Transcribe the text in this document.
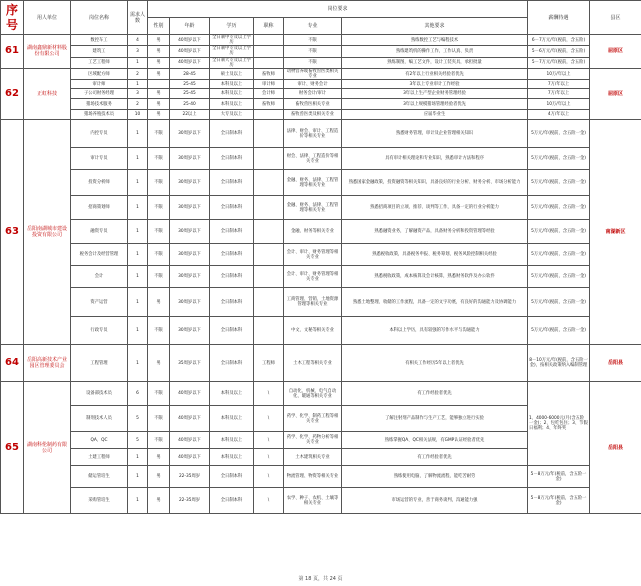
序号	用人单位	岗位名称	需求人数	岗位要求						薪酬待遇	县区
				性别	年龄	学历	职称	专业	其他要求		
61	湖南鑫鼎新材料股份有限公司	数控车工	4	男	40周岁以下	全日制中专及以上学历		不限	熟练数控工艺与编程技术	6－7万元/年(税前，含五险)	屈原区
		建筑工	3	男	40周岁以下	全日制中专及以上学历		不限	熟练建筑机的操作工作，工作认真、负责	5－6万元/年(税前，含五险)	
		工艺工程师	1	男	40周岁以下	全日制大专及以上学历		不限	熟练制图，编工艺文件，设计工装夹具，承担批量	5－7万元/年(税前，含五险)	
62	正虹科技	区域配方师	2	男	28-45	硕士及以上	畜牧师	动物营养或畜牧兽医类相关专业	有2年以上行业相关经验者优先	10万/年以上	屈原区
		审计师	1		25-45	本科及以上	审计师	审计、财务会计	3年以上专业审计工作经验	7万/年以上	
		子公司财务经理	3	男	25-45	本科及以上	会计师	财务会计/审计	3年以上生产型企业财务管理经验	7万/年以上	
		猪场技术服务	2	男	25-40	本科及以上	畜牧师	畜牧兽医相关专业	3年以上规模猪场管理经验者优先	10万/年以上	
		猪场养殖技术员	10	男	22以上	大专及以上		畜牧兽医类及相关专业	应届毕业生	4万/年以上	
63	岳阳南湖城市建设投资有限公司	内控专员	1	不限	30周岁以下	全日制本科		法律、财会、审计、工程造价等相关专业	熟悉财务管理，审计及企业管理相关知识	5万元/年(税前，含五险一金)	南湖新区
		审计专员	1	不限	30周岁以下	全日制本科		财会、法律、工程造价等相关专业	具有审计相关理论和专业知识，熟悉审计方法和程序	5万元/年(税前，含五险一金)	
		投资分析师	1	不限	30周岁以下	全日制本科		金融、财务、法律、工程管理等相关专业	熟悉国家金融政策，投资融资等相关知识，具备良好的行业分析、财务分析、市场分析能力	5万元/年(税前，含五险一金)	
		招商策划师	1	不限	30周岁以下	全日制本科		金融、财务、法律、工程管理等相关专业	熟悉招商项目的立项、推荐、谈判等工作，具备一定的行业分析能力	5万元/年(税前，含五险一金)	
		融资专员	1	不限	30周岁以下	全日制本科		金融、财务等相关专业	熟悉融资业务，了解融资产品，具备财务分析和投资管理等经验	5万元/年(税前，含五险一金)	
		税务会计及经营管理	1	不限	30周岁以下	全日制本科		会计、审计、财务管理等相关专业	熟悉税收政策，具备税务申报、税务筹划、税务风险控制相关经验	5万元/年(税前，含五险一金)	
		会计	1	不限	30周岁以下	全日制本科		会计、审计、财务管理等相关专业	熟悉税收政策，成本核算及会计核算，熟悉财务软件及办公软件	5万元/年(税前，含五险一金)	
		资产运营	1	男	30周岁以下	全日制本科		工商管理、营销、土地资源管理等相关专业	熟悉土地整理、收储的工作流程，具备一定的文字功底，有良好的沟通能力及协调能力	5万元/年(税前，含五险一金)	
		行政专员	1	不限	30周岁以下	全日制本科		中文、文秘等相关专业	本科以上学历，具有较强的写作水平与沟通能力	5万元/年(税前，含五险一金)	
64	岳阳高新技术产业园区管理委员会	工程管理	1	男	35周岁以下	全日制本科	工程师	土木工程等相关专业	有相关工作经历5年以上者优先	8－10万元/年(税前，含五险一金)，按相关政策纳入编制管理	岳阳县
65	湖南科伦制药有限公司	设备部技术员	6	不限	40周岁以下	本科及以上	\	自动化、机械、电气自动化、暖通等相关专业	有工作经验者优先	1、4000-6000元/月(含五险一金)；2、包吃包住；3、节假日福利；4、年终奖	岳阳县
		制剂技术人员	5	不限	40周岁以下	本科及以上	\	药学、化学、制药工程等相关专业	了解注射剂产品制作与生产工艺，能够独立进行实验		
		QA、QC	5	不限	40周岁以下	本科及以上	\	药学、化学、药物分析等相关专业	熟练掌握QA、QC相关法规，有GMP认证经验者优先		
		土建工程师	1	男	40周岁以下	本科及以上	\	土木建筑相关专业	有工作经验者优先		
		储运管培生	1	男	22-35周岁	全日制本科	\	物流管理、物资等相关专业	熟练使用电脑，了解物流流程，能吃苦耐劳	5－8万元/年(税前，含五险一金)	
		采购管培生	1	男	22-35周岁	全日制本科	\	农学、种子、农机、土壤等相关专业	市场运营的专业，善于商务谈判，沟通能力强	5－8万元/年(税前，含五险一金)	
第 18 页，共 24 页
